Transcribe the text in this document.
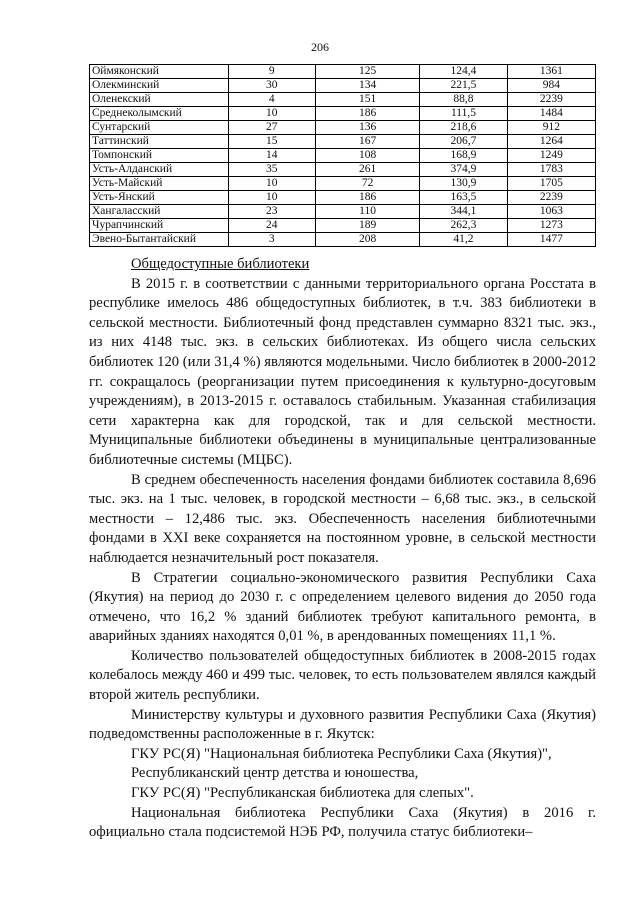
206
Оймяконский	9	125	124,4	1361
Олекминский	30	134	221,5	984
Оленекский	4	151	88,8	2239
Среднеколымский	10	186	111,5	1484
Сунтарский	27	136	218,6	912
Таттинский	15	167	206,7	1264
Томпонский	14	108	168,9	1249
Усть-Алданский	35	261	374,9	1783
Усть-Майский	10	72	130,9	1705
Усть-Янский	10	186	163,5	2239
Хангаласский	23	110	344,1	1063
Чурапчинский	24	189	262,3	1273
Эвено-Бытантайский	3	208	41,2	1477
Общедоступные библиотеки

В 2015 г. в соответствии с данными территориального органа Росстата в республике имелось 486 общедоступных библиотек, в т.ч. 383 библиотеки в сельской местности. Библиотечный фонд представлен суммарно 8321 тыс. экз., из них 4148 тыс. экз. в сельских библиотеках. Из общего числа сельских библиотек 120 (или 31,4 %) являются модельными. Число библиотек в 2000-2012 гг. сокращалось (реорганизации путем присоединения к культурно-досуговым учреждениям), в 2013-2015 г. оставалось стабильным. Указанная стабилизация сети характерна как для городской, так и для сельской местности. Муниципальные библиотеки объединены в муниципальные централизованные библиотечные системы (МЦБС).

В среднем обеспеченность населения фондами библиотек составила 8,696 тыс. экз. на 1 тыс. человек, в городской местности – 6,68 тыс. экз., в сельской местности – 12,486 тыс. экз. Обеспеченность населения библиотечными фондами в XXI веке сохраняется на постоянном уровне, в сельской местности наблюдается незначительный рост показателя.

В Стратегии социально-экономического развития Республики Саха (Якутия) на период до 2030 г. с определением целевого видения до 2050 года отмечено, что 16,2 % зданий библиотек требуют капитального ремонта, в аварийных зданиях находятся 0,01 %, в арендованных помещениях 11,1 %.

Количество пользователей общедоступных библиотек в 2008-2015 годах колебалось между 460 и 499 тыс. человек, то есть пользователем являлся каждый второй житель республики.

Министерству культуры и духовного развития Республики Саха (Якутия) подведомственны расположенные в г. Якутск:

ГКУ РС(Я) "Национальная библиотека Республики Саха (Якутия)",
Республиканский центр детства и юношества,
ГКУ РС(Я) "Республиканская библиотека для слепых".

Национальная библиотека Республики Саха (Якутия) в 2016 г. официально стала подсистемой НЭБ РФ, получила статус библиотеки–
